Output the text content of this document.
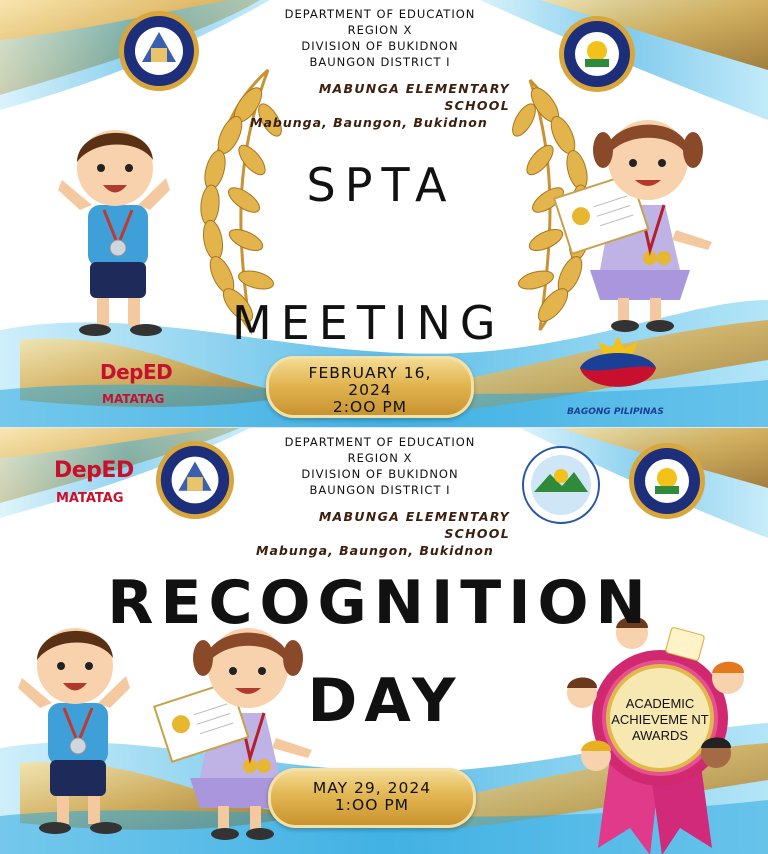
DEPARTMENT OF EDUCATION
REGION X
DIVISION OF BUKIDNON
BAUNGON DISTRICT I
MABUNGA ELEMENTARY
SCHOOL
Mabunga, Baungon, Bukidnon
SPTA
MEETING
FEBRUARY 16,
2024
2:OO PM
DepED
MATATAG
BAGONG PILIPINAS
DepED
MATATAG
DEPARTMENT OF EDUCATION
REGION X
DIVISION OF BUKIDNON
BAUNGON DISTRICT I
MABUNGA ELEMENTARY
SCHOOL
Mabunga, Baungon, Bukidnon
RECOGNITION
DAY
MAY 29, 2024
1:OO PM
ACADEMIC ACHIEVEME NT AWARDS
